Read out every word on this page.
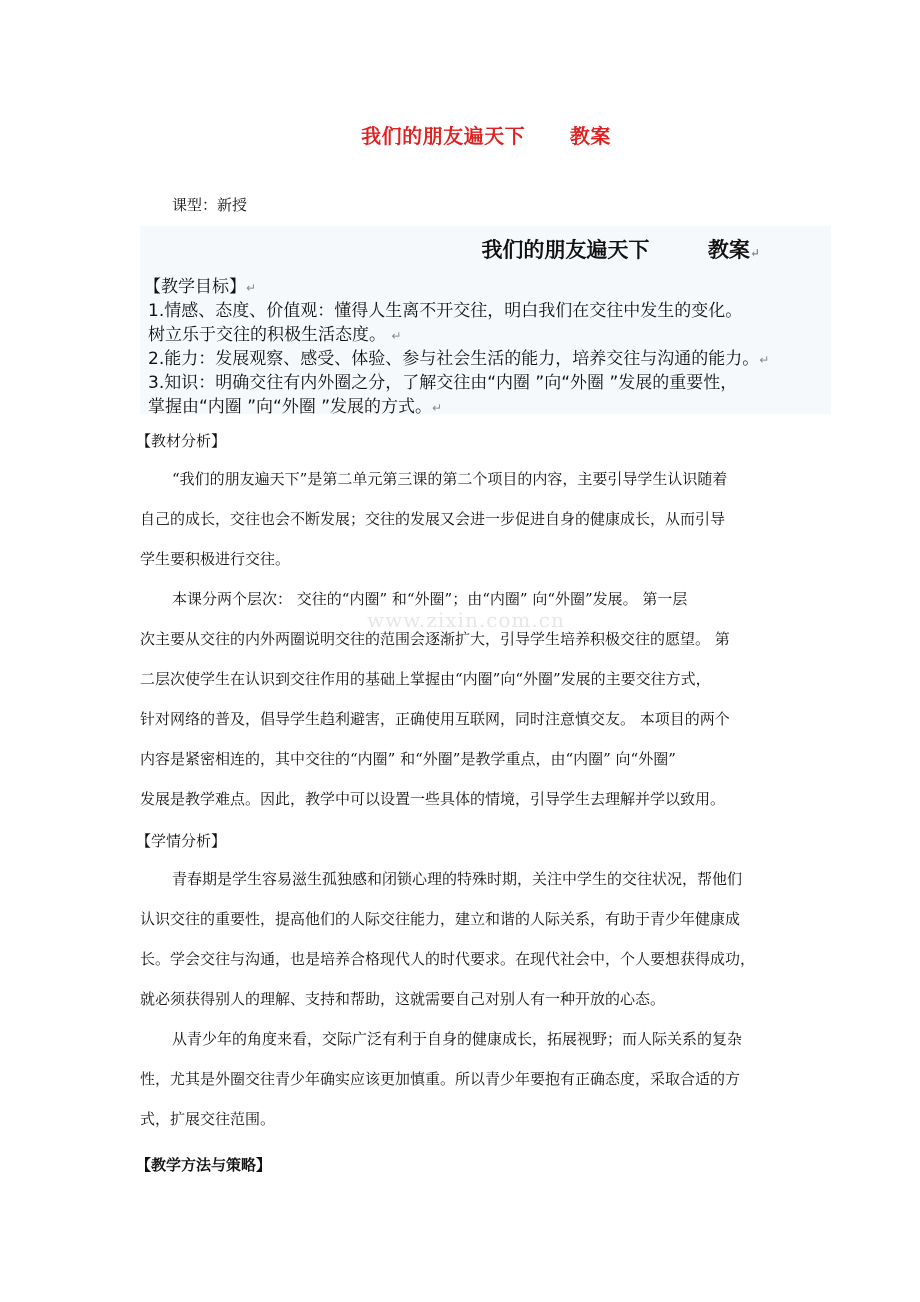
我们的朋友遍天下      教案
课型：新授
我们的朋友遍天下        教案↵
【教学目标】↵
1.情感、态度、价值观：懂得人生离不开交往，明白我们在交往中发生的变化。
树立乐于交往的积极生活态度。 ↵
2.能力：发展观察、感受、体验、参与社会生活的能力，培养交往与沟通的能力。↵
3.知识：明确交往有内外圈之分，了解交往由“内圈 ”向“外圈 ”发展的重要性，
掌握由“内圈 ”向“外圈 ”发展的方式。↵
【教材分析】
“我们的朋友遍天下”是第二单元第三课的第二个项目的内容，主要引导学生认识随着
自己的成长，交往也会不断发展；交往的发展又会进一步促进自身的健康成长，从而引导
学生要积极进行交往。
本课分两个层次： 交往的“内圈” 和“外圈”；由“内圈” 向“外圈”发展。 第一层
次主要从交往的内外两圈说明交往的范围会逐渐扩大，引导学生培养积极交往的愿望。 第
二层次使学生在认识到交往作用的基础上掌握由“内圈”向“外圈”发展的主要交往方式，
针对网络的普及，倡导学生趋利避害，正确使用互联网，同时注意慎交友。 本项目的两个
内容是紧密相连的，其中交往的“内圈” 和“外圈”是教学重点，由“内圈” 向“外圈”
发展是教学难点。因此，教学中可以设置一些具体的情境，引导学生去理解并学以致用。
【学情分析】
青春期是学生容易滋生孤独感和闭锁心理的特殊时期，关注中学生的交往状况，帮他们
认识交往的重要性，提高他们的人际交往能力，建立和谐的人际关系，有助于青少年健康成
长。学会交往与沟通，也是培养合格现代人的时代要求。在现代社会中，个人要想获得成功，
就必须获得别人的理解、支持和帮助，这就需要自己对别人有一种开放的心态。
从青少年的角度来看，交际广泛有利于自身的健康成长，拓展视野；而人际关系的复杂
性，尤其是外圈交往青少年确实应该更加慎重。所以青少年要抱有正确态度，采取合适的方
式，扩展交往范围。
【教学方法与策略】
www.zixin.com.cn
